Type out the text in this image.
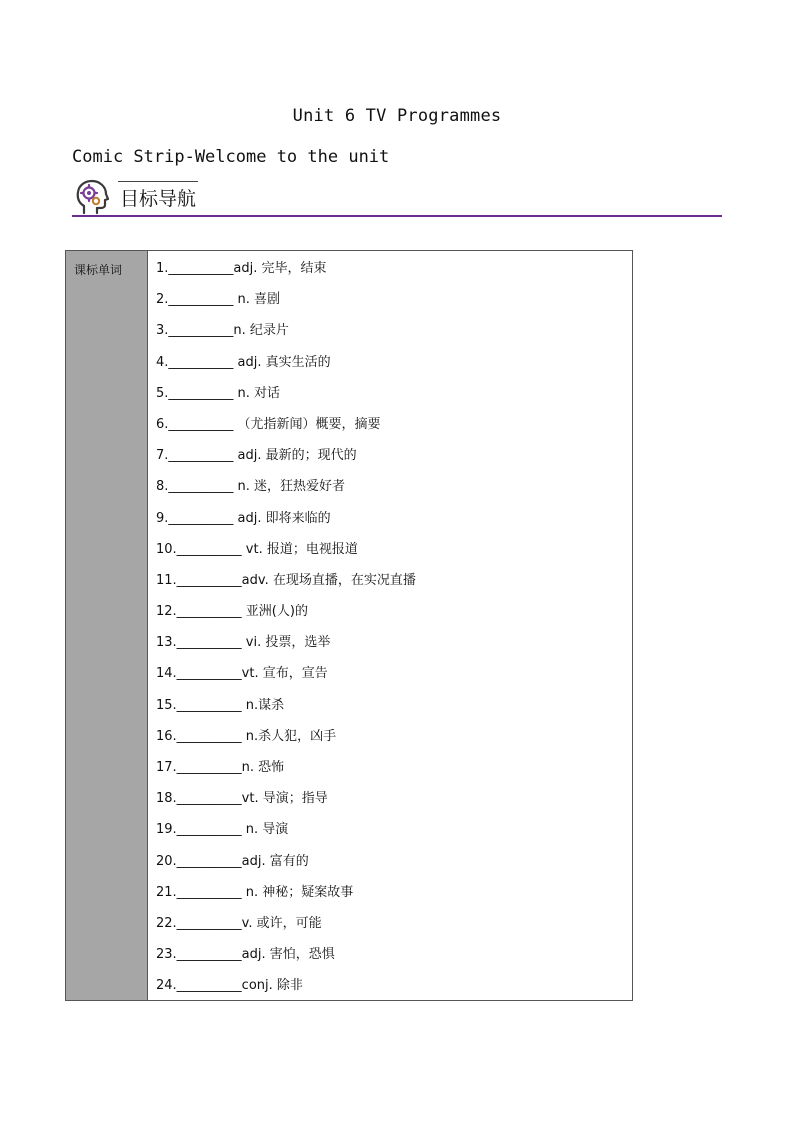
Unit 6 TV Programmes
Comic Strip-Welcome to the unit
目标导航
课标单词	1.__________adj. 完毕，结束
2.__________ n. 喜剧
3.__________n. 纪录片
4.__________ adj. 真实生活的
5.__________ n. 对话
6.__________ （尤指新闻）概要，摘要
7.__________ adj. 最新的；现代的
8.__________ n. 迷，狂热爱好者
9.__________ adj. 即将来临的
10.__________ vt. 报道；电视报道
11.__________adv. 在现场直播，在实况直播
12.__________ 亚洲(人)的
13.__________ vi. 投票，选举
14.__________vt. 宣布，宣告
15.__________ n.谋杀
16.__________ n.杀人犯，凶手
17.__________n. 恐怖
18.__________vt. 导演；指导
19.__________ n. 导演
20.__________adj. 富有的
21.__________ n. 神秘；疑案故事
22.__________v. 或许，可能
23.__________adj. 害怕，恐惧
24.__________conj. 除非
